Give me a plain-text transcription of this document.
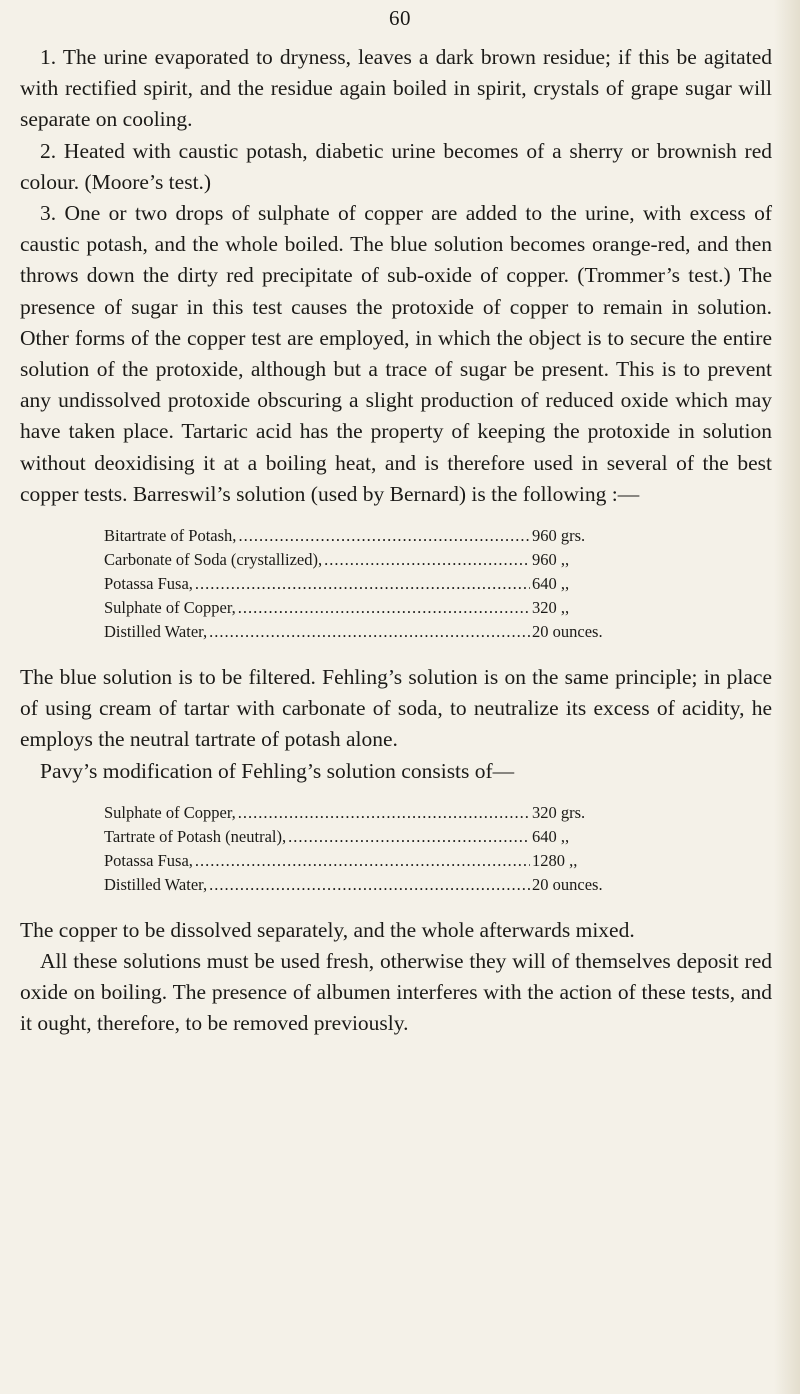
60

1. The urine evaporated to dryness, leaves a dark brown residue; if this be agitated with rectified spirit, and the residue again boiled in spirit, crystals of grape sugar will separate on cooling.

2. Heated with caustic potash, diabetic urine becomes of a sherry or brownish red colour. (Moore’s test.)

3. One or two drops of sulphate of copper are added to the urine, with excess of caustic potash, and the whole boiled. The blue solution becomes orange-red, and then throws down the dirty red precipitate of sub-oxide of copper. (Trommer’s test.) The presence of sugar in this test causes the protoxide of copper to remain in solution. Other forms of the copper test are employed, in which the object is to secure the entire solution of the protoxide, although but a trace of sugar be present. This is to prevent any undissolved protoxide obscuring a slight production of reduced oxide which may have taken place. Tartaric acid has the property of keeping the protoxide in solution without deoxidising it at a boiling heat, and is therefore used in several of the best copper tests. Barreswil’s solution (used by Bernard) is the following :—

Bitartrate of Potash, .....	960 grs.
Carbonate of Soda (crystallized), .....	960 ,,
Potassa Fusa, .....	640 ,,
Sulphate of Copper, .....	320 ,,
Distilled Water, .....	20 ounces.

The blue solution is to be filtered. Fehling’s solution is on the same principle; in place of using cream of tartar with carbonate of soda, to neutralize its excess of acidity, he employs the neutral tartrate of potash alone.

Pavy’s modification of Fehling’s solution consists of—

Sulphate of Copper, .....	320 grs.
Tartrate of Potash (neutral), .....	640 ,,
Potassa Fusa, .....	1280 ,,
Distilled Water, .....	20 ounces.

The copper to be dissolved separately, and the whole afterwards mixed.

All these solutions must be used fresh, otherwise they will of themselves deposit red oxide on boiling. The presence of albumen interferes with the action of these tests, and it ought, therefore, to be removed previously.
